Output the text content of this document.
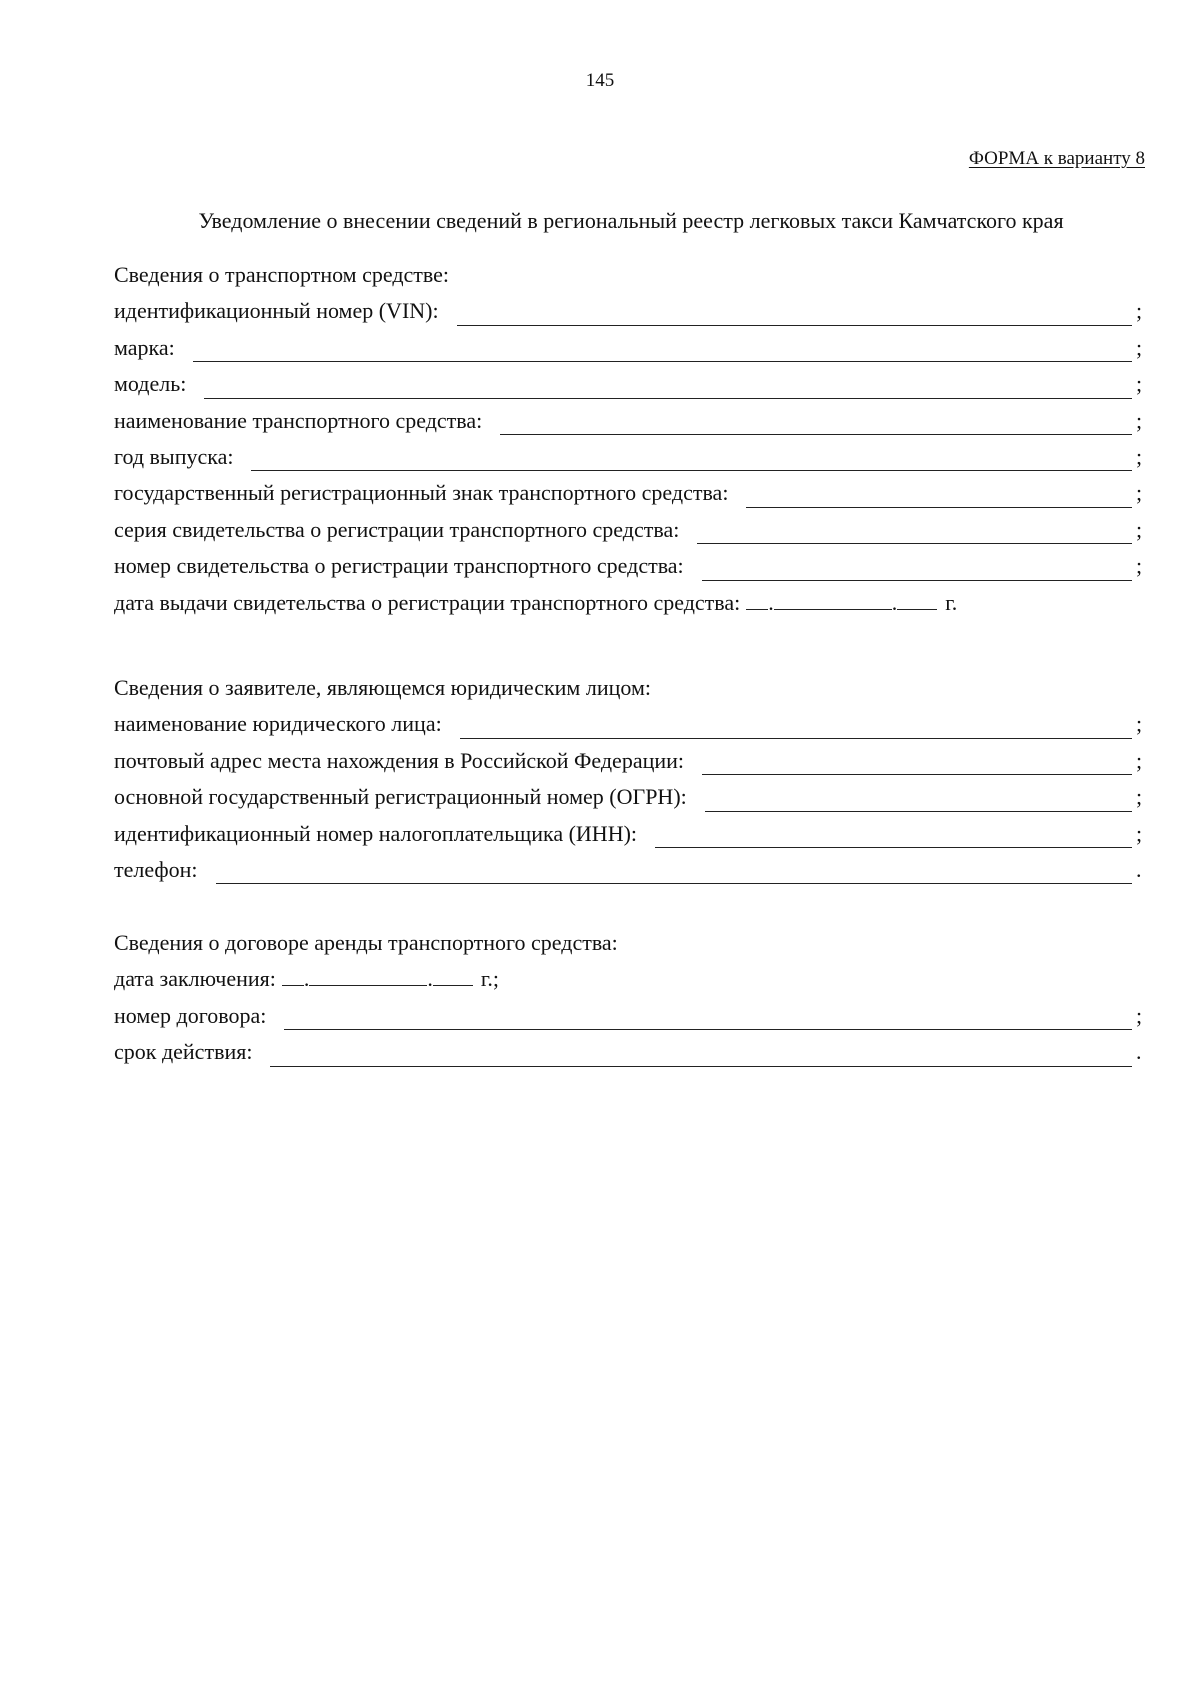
145
ФОРМА к варианту 8
Уведомление о внесении сведений в региональный реестр легковых такси Камчатского края
Сведения о транспортном средстве:
идентификационный номер (VIN):	;
марка:	;
модель:	;
наименование транспортного средства:	;
год выпуска:	;
государственный регистрационный знак транспортного средства:	;
серия свидетельства о регистрации транспортного средства:	;
номер свидетельства о регистрации транспортного средства:	;
дата выдачи свидетельства о регистрации транспортного средства: .	. г.
Сведения о заявителе, являющемся юридическим лицом:
наименование юридического лица:	;
почтовый адрес места нахождения в Российской Федерации:	;
основной государственный регистрационный номер (ОГРН):	;
идентификационный номер налогоплательщика (ИНН):	;
телефон:	.
Сведения о договоре аренды транспортного средства:
дата заключения: .	. г.;
номер договора:	;
срок действия:	.
